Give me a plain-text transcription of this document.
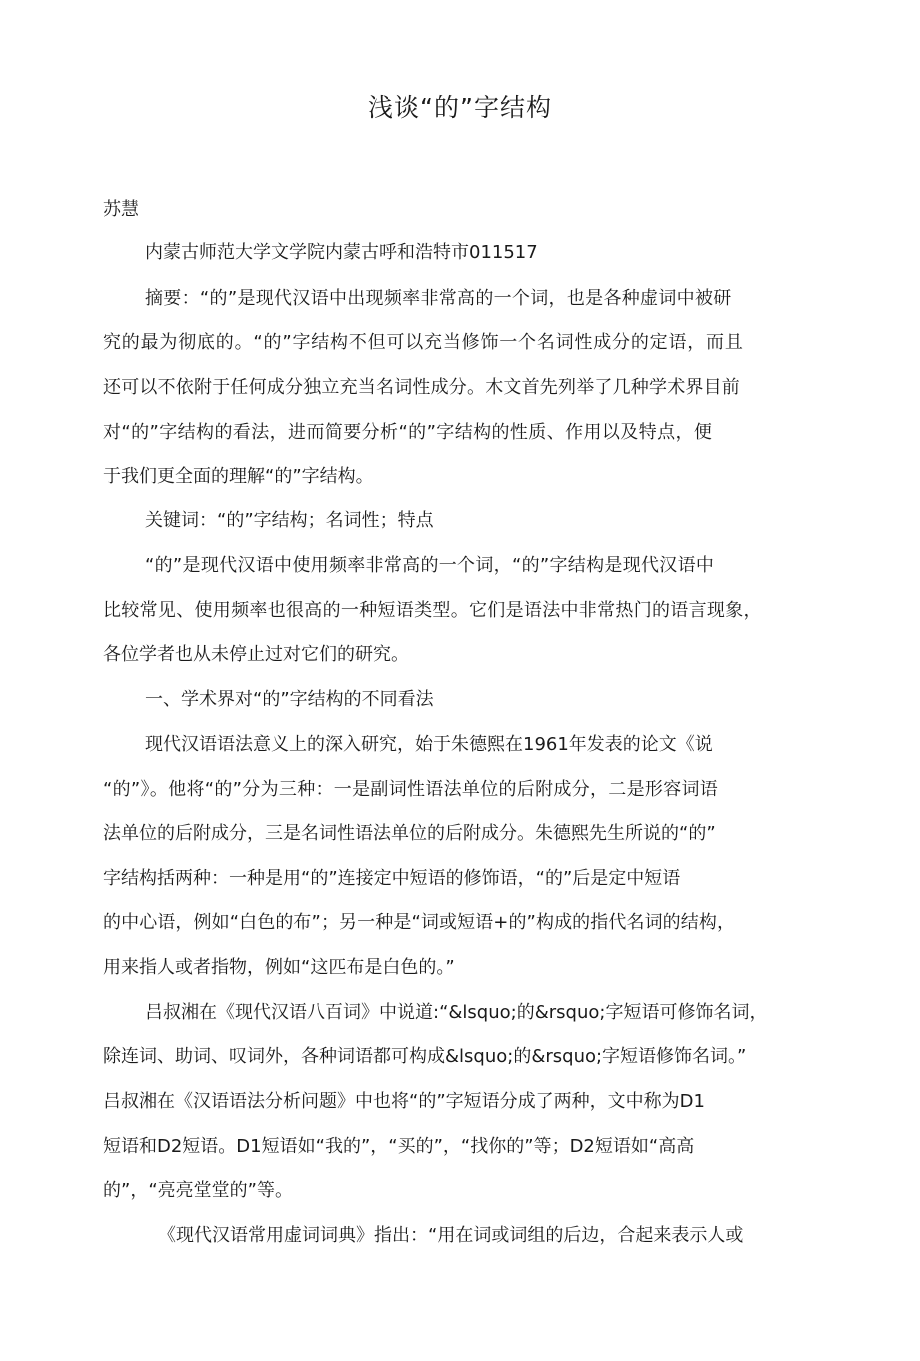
浅谈“的”字结构
苏慧
内蒙古师范大学文学院内蒙古呼和浩特市011517
摘要：“的”是现代汉语中出现频率非常高的一个词，也是各种虚词中被研
究的最为彻底的。“的”字结构不但可以充当修饰一个名词性成分的定语，而且
还可以不依附于任何成分独立充当名词性成分。木文首先列举了几种学术界目前
对“的”字结构的看法，进而简要分析“的”字结构的性质、作用以及特点，便
于我们更全面的理解“的”字结构。
关键词：“的”字结构；名词性；特点
“的”是现代汉语中使用频率非常高的一个词，“的”字结构是现代汉语中
比较常见、使用频率也很高的一种短语类型。它们是语法中非常热门的语言现象，
各位学者也从未停止过对它们的研究。
一、学术界对“的”字结构的不同看法
现代汉语语法意义上的深入研究，始于朱德熙在1961年发表的论文《说
“的”》。他将“的”分为三种：一是副词性语法单位的后附成分，二是形容词语
法单位的后附成分，三是名词性语法单位的后附成分。朱德熙先生所说的“的”
字结构括两种：一种是用“的”连接定中短语的修饰语，“的”后是定中短语
的中心语，例如“白色的布”；另一种是“词或短语+的”构成的指代名词的结构，
用来指人或者指物，例如“这匹布是白色的。”
吕叔湘在《现代汉语八百词》中说道:“&lsquo;的&rsquo;字短语可修饰名词，
除连词、助词、叹词外，各种词语都可构成&lsquo;的&rsquo;字短语修饰名词。”
吕叔湘在《汉语语法分析问题》中也将“的”字短语分成了两种，文中称为D1
短语和D2短语。D1短语如“我的”，“买的”，“找你的”等；D2短语如“高高
的”，“亮亮堂堂的”等。
《现代汉语常用虚词词典》指出：“用在词或词组的后边，合起来表示人或
